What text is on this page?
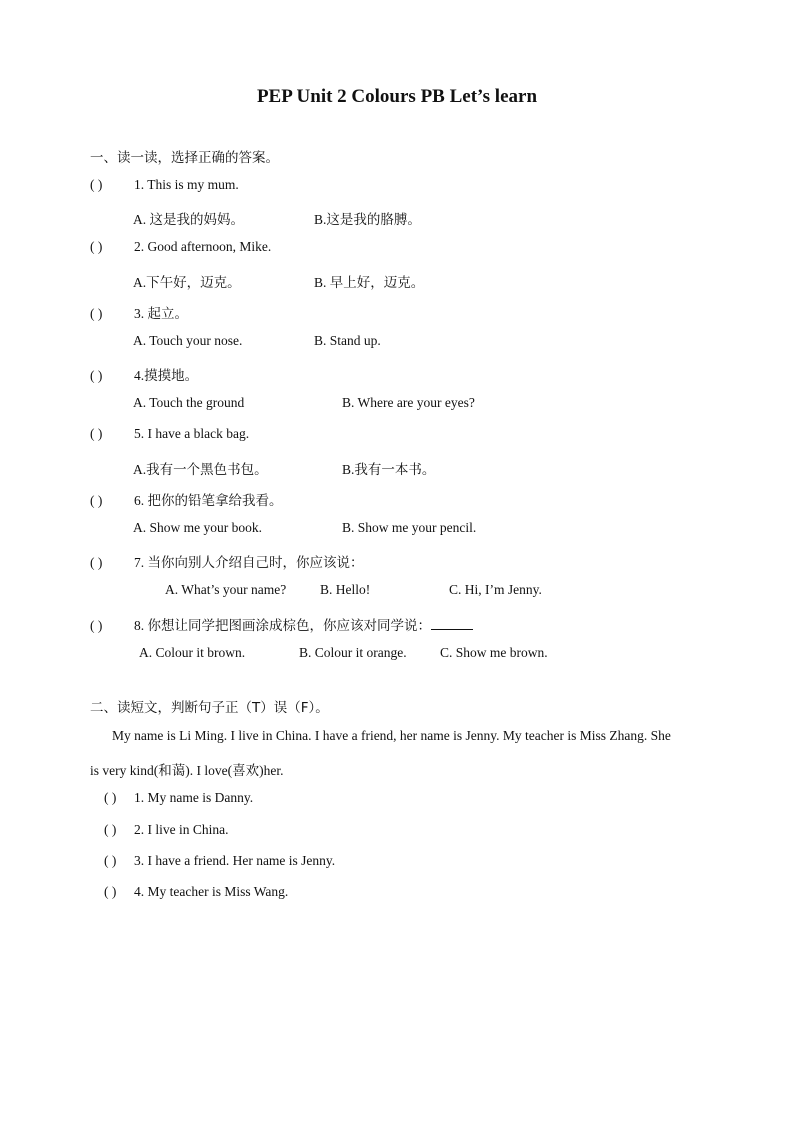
PEP Unit 2 Colours PB Let’s learn
一、读一读，选择正确的答案。
( ) 1. This is my mum.
A. 这是我的妈妈。	B.这是我的胳膊。
( ) 2. Good afternoon, Mike.
A.下午好，迈克。	B. 早上好，迈克。
( ) 3. 起立。
A. Touch your nose.	B. Stand up.
( ) 4.摸摸地。
A. Touch the ground	B. Where are your eyes?
( ) 5. I have a black bag.
A.我有一个黑色书包。	B.我有一本书。
( ) 6. 把你的铅笔拿给我看。
A. Show me your book.	B. Show me your pencil.
( ) 7. 当你向别人介绍自己时，你应该说：
A. What’s your name?	B. Hello!	C. Hi, I’m Jenny.
( ) 8. 你想让同学把图画涂成棕色，你应该对同学说：
A. Colour it brown.	B. Colour it orange. C. Show me brown.
二、读短文，判断句子正（T）误（F）。
My name is Li Ming. I live in China. I have a friend, her name is Jenny. My teacher is Miss Zhang. She
is very kind(和蔼). I love(喜欢)her.
( ) 1. My name is Danny.
( ) 2. I live in China.
( ) 3. I have a friend. Her name is Jenny.
( ) 4. My teacher is Miss Wang.
